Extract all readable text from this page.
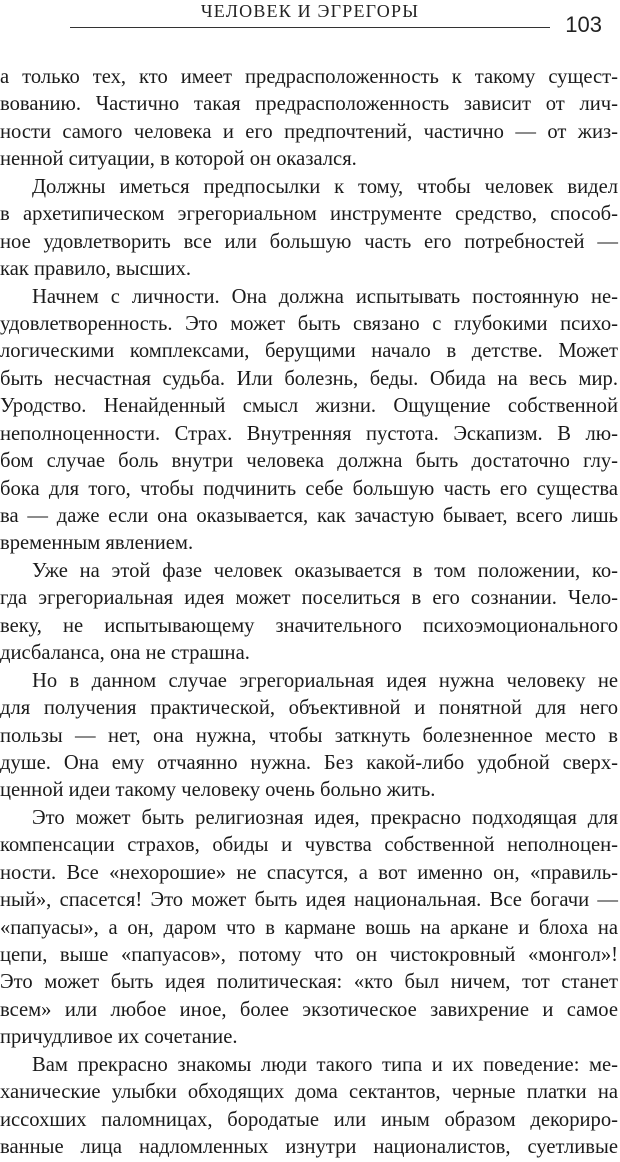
ЧЕЛОВЕК И ЭГРЕГОРЫ
103
а только тех, кто имеет предрасположенность к такому сущест-
вованию. Частично такая предрасположенность зависит от лич-
ности самого человека и его предпочтений, частично — от жиз-
ненной ситуации, в которой он оказался.
Должны иметься предпосылки к тому, чтобы человек видел
в архетипическом эгрегориальном инструменте средство, способ-
ное удовлетворить все или большую часть его потребностей —
как правило, высших.
Начнем с личности. Она должна испытывать постоянную не-
удовлетворенность. Это может быть связано с глубокими психо-
логическими комплексами, берущими начало в детстве. Может
быть несчастная судьба. Или болезнь, беды. Обида на весь мир.
Уродство. Ненайденный смысл жизни. Ощущение собственной
неполноценности. Страх. Внутренняя пустота. Эскапизм. В лю-
бом случае боль внутри человека должна быть достаточно глу-
бока для того, чтобы подчинить себе большую часть его существа
ва — даже если она оказывается, как зачастую бывает, всего лишь
временным явлением.
Уже на этой фазе человек оказывается в том положении, ко-
гда эгрегориальная идея может поселиться в его сознании. Чело-
веку, не испытывающему значительного психоэмоционального
дисбаланса, она не страшна.
Но в данном случае эгрегориальная идея нужна человеку не
для получения практической, объективной и понятной для него
пользы — нет, она нужна, чтобы заткнуть болезненное место в
душе. Она ему отчаянно нужна. Без какой-либо удобной сверх-
ценной идеи такому человеку очень больно жить.
Это может быть религиозная идея, прекрасно подходящая для
компенсации страхов, обиды и чувства собственной неполноцен-
ности. Все «нехорошие» не спасутся, а вот именно он, «правиль-
ный», спасется! Это может быть идея национальная. Все богачи —
«папуасы», а он, даром что в кармане вошь на аркане и блоха на
цепи, выше «папуасов», потому что он чистокровный «монгол»!
Это может быть идея политическая: «кто был ничем, тот станет
всем» или любое иное, более экзотическое завихрение и самое
причудливое их сочетание.
Вам прекрасно знакомы люди такого типа и их поведение: ме-
ханические улыбки обходящих дома сектантов, черные платки на
иссохших паломницах, бородатые или иным образом декориро-
ванные лица надломленных изнутри националистов, суетливые
